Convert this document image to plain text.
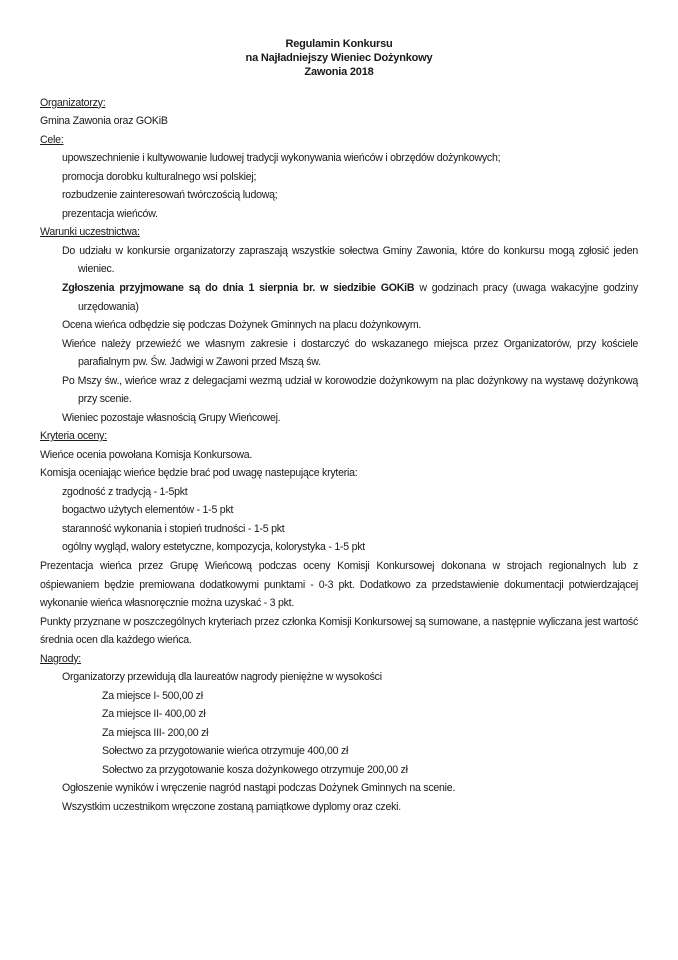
Regulamin Konkursu
na Najładniejszy Wieniec Dożynkowy
Zawonia 2018

Organizatorzy:

Gmina Zawonia oraz GOKiB

Cele:

upowszechnienie i kultywowanie ludowej tradycji wykonywania wieńców i obrzędów dożynkowych;

promocja dorobku kulturalnego wsi polskiej;

rozbudzenie zainteresowań twórczością ludową;

prezentacja wieńców.

Warunki uczestnictwa:

Do udziału w konkursie organizatorzy zapraszają wszystkie sołectwa Gminy Zawonia, które do konkursu mogą zgłosić jeden wieniec.

Zgłoszenia przyjmowane są do dnia 1 sierpnia br. w siedzibie GOKiB w godzinach pracy (uwaga wakacyjne godziny urzędowania)

Ocena wieńca odbędzie się podczas Dożynek Gminnych na placu dożynkowym.

Wieńce należy przewieźć we własnym zakresie i dostarczyć do wskazanego miejsca przez Organizatorów, przy kościele parafialnym pw. Św. Jadwigi w Zawoni przed Mszą św.

Po Mszy św., wieńce wraz z delegacjami wezmą udział w korowodzie dożynkowym na plac dożynkowy na wystawę dożynkową przy scenie.

Wieniec pozostaje własnością Grupy Wieńcowej.

Kryteria oceny:

Wieńce ocenia powołana Komisja Konkursowa.

Komisja oceniając wieńce będzie brać pod uwagę nastepujące kryteria:

zgodność z tradycją - 1-5pkt

bogactwo użytych elementów - 1-5 pkt

staranność wykonania i stopień trudności - 1-5 pkt

ogólny wygląd, walory estetyczne, kompozycja, kolorystyka - 1-5 pkt

Prezentacja wieńca przez Grupę Wieńcową podczas oceny Komisji Konkursowej dokonana w strojach regionalnych lub z ośpiewaniem będzie premiowana dodatkowymi punktami - 0-3 pkt. Dodatkowo za przedstawienie dokumentacji potwierdzającej wykonanie wieńca własnoręcznie można uzyskać - 3 pkt.

Punkty przyznane w poszczególnych kryteriach przez członka Komisji Konkursowej są sumowane, a następnie wyliczana jest wartość średnia ocen dla każdego wieńca.

Nagrody:

Organizatorzy przewidują dla laureatów nagrody pieniężne w wysokości

Za miejsce I- 500,00 zł

Za miejsce II- 400,00 zł

Za miejsca III- 200,00 zł

Sołectwo za przygotowanie wieńca otrzymuje 400,00 zł

Sołectwo za przygotowanie kosza dożynkowego otrzymuje 200,00 zł

Ogłoszenie wyników i wręczenie nagród nastąpi podczas Dożynek Gminnych na scenie.

Wszystkim uczestnikom wręczone zostaną pamiątkowe dyplomy oraz czeki.
